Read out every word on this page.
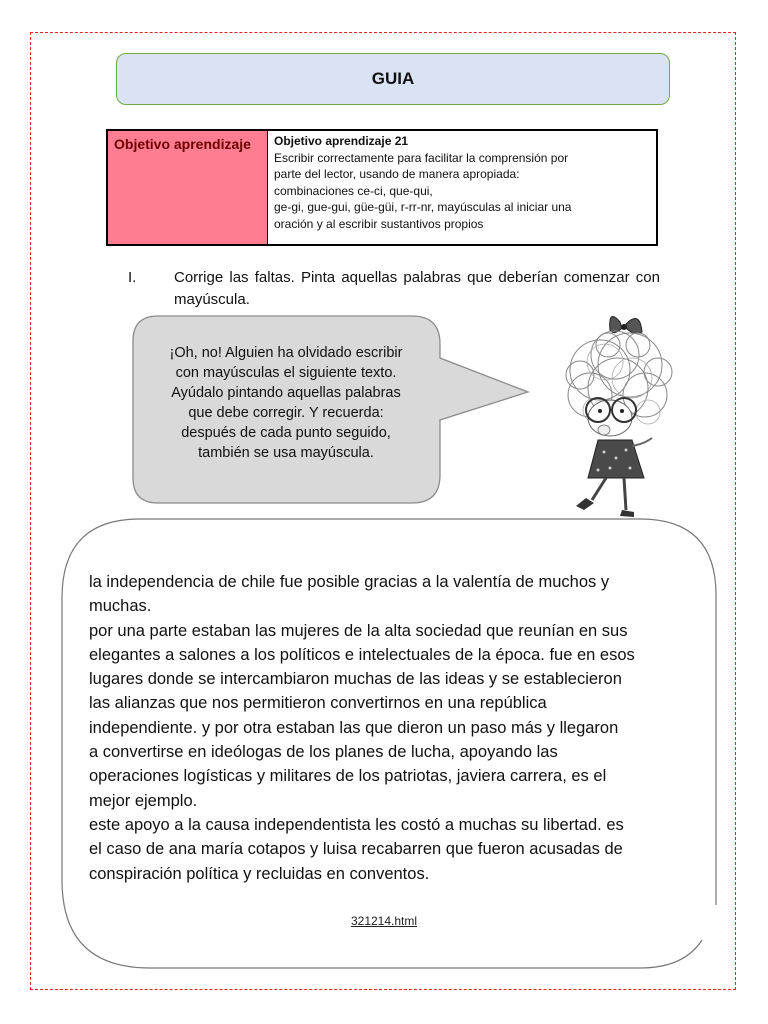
GUIA
Objetivo aprendizaje	Objetivo aprendizaje 21
Escribir correctamente para facilitar la comprensión por
parte del lector, usando de manera apropiada:
combinaciones ce-ci, que-qui,
ge-gi, gue-gui, güe-güi, r-rr-nr, mayúsculas al iniciar una
oración y al escribir sustantivos propios
I.	Corrige las faltas. Pinta aquellas palabras que deberían comenzar con mayúscula.
¡Oh, no! Alguien ha olvidado escribir
con mayúsculas el siguiente texto.
Ayúdalo pintando aquellas palabras
que debe corregir. Y recuerda:
después de cada punto seguido,
también se usa mayúscula.
la independencia de chile fue posible gracias a la valentía de muchos y
muchas.
por una parte estaban las mujeres de la alta sociedad que reunían en sus
elegantes a salones a los políticos e intelectuales de la época. fue en esos
lugares donde se intercambiaron muchas de las ideas y se establecieron
las alianzas que nos permitieron convertirnos en una república
independiente. y por otra estaban las que dieron un paso más y llegaron
a convertirse en ideólogas de los planes de lucha, apoyando las
operaciones logísticas y militares de los patriotas, javiera carrera, es el
mejor ejemplo.
este apoyo a la causa independentista les costó a muchas su libertad. es
el caso de ana maría cotapos y luisa recabarren que fueron acusadas de
conspiración política y recluidas en conventos.
321214.html
